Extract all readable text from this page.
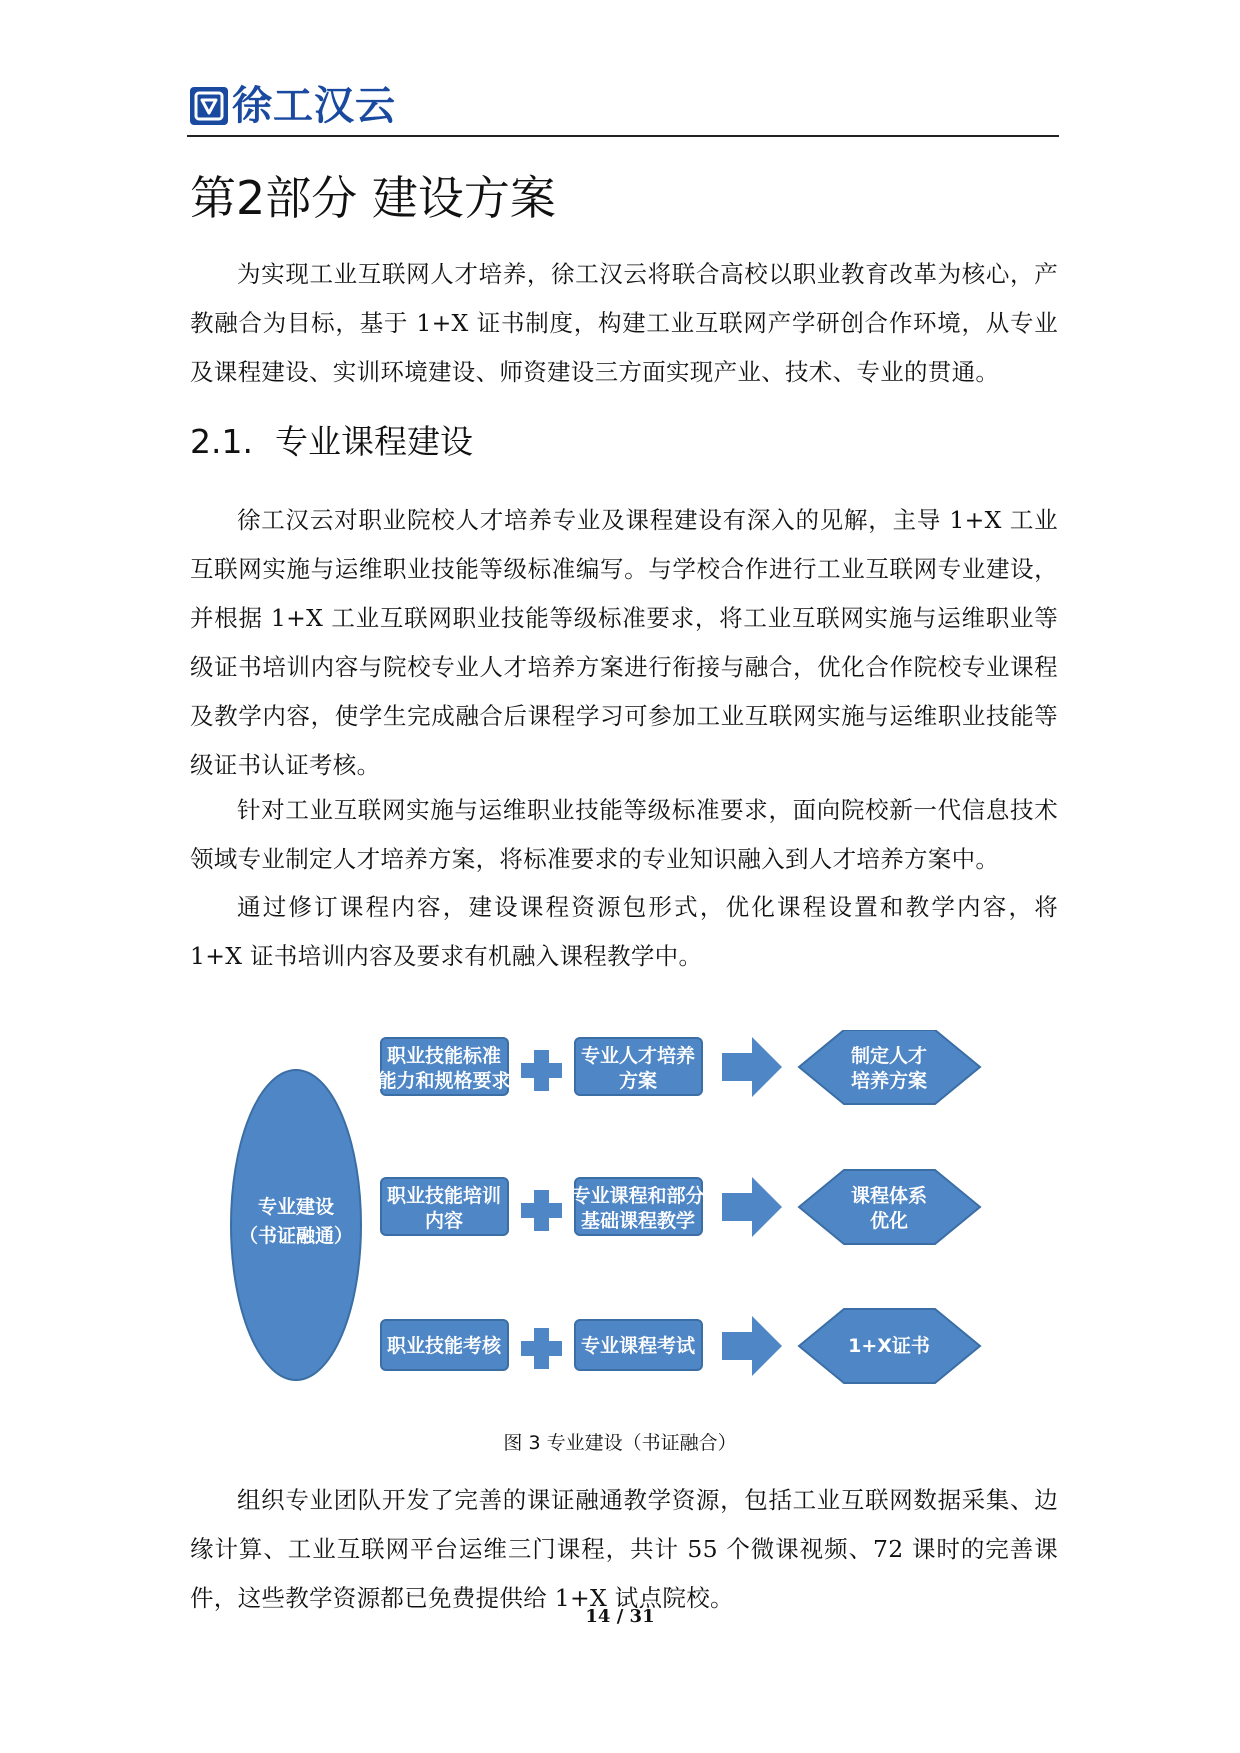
徐工汉云
第2部分 建设方案

为实现工业互联网人才培养，徐工汉云将联合高校以职业教育改革为核心，产教融合为目标，基于 1+X 证书制度，构建工业互联网产学研创合作环境，从专业及课程建设、实训环境建设、师资建设三方面实现产业、技术、专业的贯通。

2.1. 专业课程建设

徐工汉云对职业院校人才培养专业及课程建设有深入的见解，主导 1+X 工业互联网实施与运维职业技能等级标准编写。与学校合作进行工业互联网专业建设，并根据 1+X 工业互联网职业技能等级标准要求，将工业互联网实施与运维职业等级证书培训内容与院校专业人才培养方案进行衔接与融合，优化合作院校专业课程及教学内容，使学生完成融合后课程学习可参加工业互联网实施与运维职业技能等级证书认证考核。

针对工业互联网实施与运维职业技能等级标准要求，面向院校新一代信息技术领域专业制定人才培养方案，将标准要求的专业知识融入到人才培养方案中。

通过修订课程内容，建设课程资源包形式，优化课程设置和教学内容，将 1+X 证书培训内容及要求有机融入课程教学中。

专业建设
（书证融通）
职业技能标准
能力和规格要求
专业人才培养
方案
制定人才
培养方案
职业技能培训
内容
专业课程和部分
基础课程教学
课程体系
优化
职业技能考核	专业课程考试	1+X证书

图 3 专业建设（书证融合）

组织专业团队开发了完善的课证融通教学资源，包括工业互联网数据采集、边缘计算、工业互联网平台运维三门课程，共计 55 个微课视频、72 课时的完善课件，这些教学资源都已免费提供给 1+X 试点院校。

14 / 31
